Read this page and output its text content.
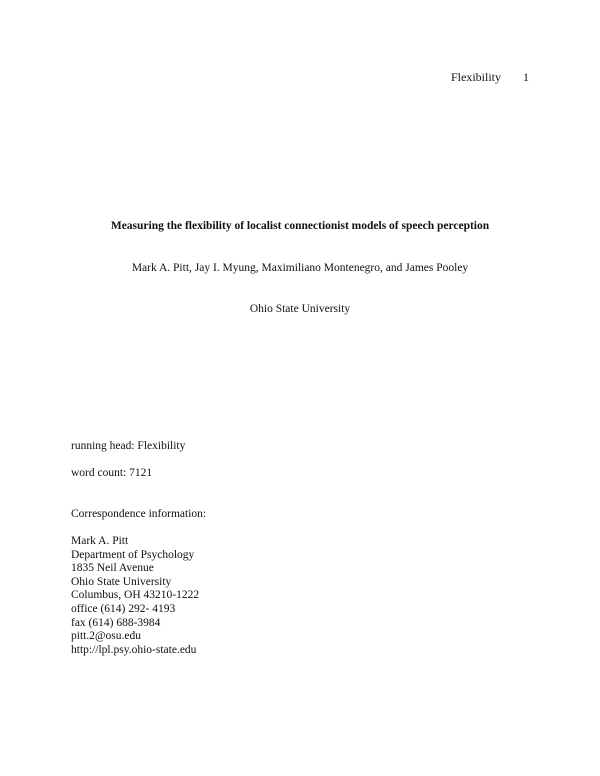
Flexibility 1
Measuring the flexibility of localist connectionist models of speech perception
Mark A. Pitt, Jay I. Myung, Maximiliano Montenegro, and James Pooley
Ohio State University
running head: Flexibility
word count: 7121
Correspondence information:
Mark A. Pitt
Department of Psychology
1835 Neil Avenue
Ohio State University
Columbus, OH 43210-1222
office (614) 292- 4193
fax (614) 688-3984
pitt.2@osu.edu
http://lpl.psy.ohio-state.edu
